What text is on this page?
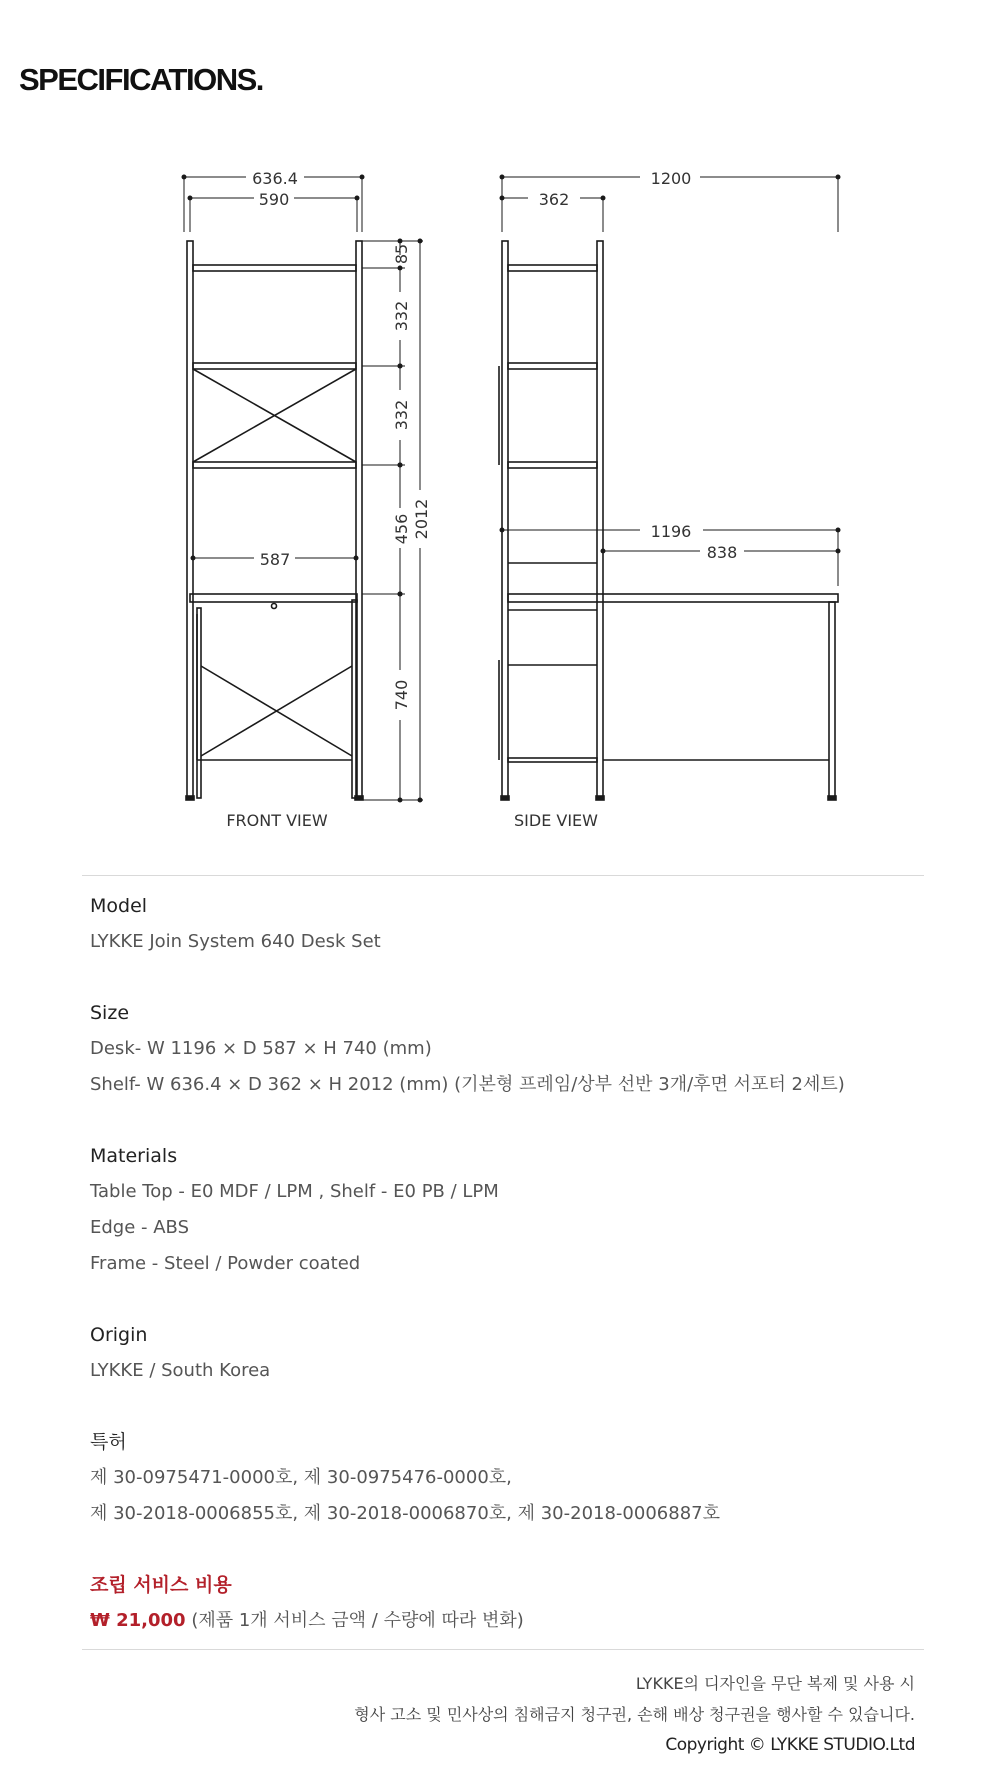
SPECIFICATIONS.
636.4
590
587
85
332
332
456
740
2012
FRONT VIEW
1200
362
1196
838
SIDE VIEW

Model

LYKKE Join System 640 Desk Set

Size

Desk- W 1196 × D 587 × H 740 (mm)

Shelf- W 636.4 × D 362 × H 2012 (mm) (기본형 프레임/상부 선반 3개/후면 서포터 2세트)

Materials

Table Top - E0 MDF / LPM , Shelf - E0 PB / LPM

Edge - ABS

Frame - Steel / Powder coated

Origin

LYKKE / South Korea

특허

제 30-0975471-0000호, 제 30-0975476-0000호,

제 30-2018-0006855호, 제 30-2018-0006870호, 제 30-2018-0006887호

조립 서비스 비용

₩ 21,000 (제품 1개 서비스 금액 / 수량에 따라 변화)

LYKKE의 디자인을 무단 복제 및 사용 시

형사 고소 및 민사상의 침해금지 청구권, 손해 배상 청구권을 행사할 수 있습니다.

Copyright © LYKKE STUDIO.Ltd
